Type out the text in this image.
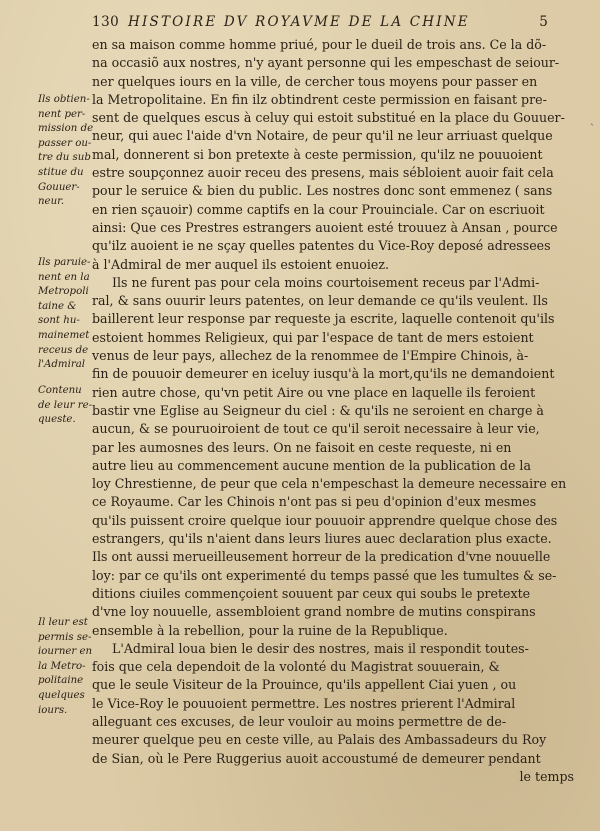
130 HISTOIRE DV ROYAVME DE LA CHINE	5
ˎ
Ils obtien-
nent per-
mission de
passer ou-
tre du sub
stitue du
Gouuer-
neur.
Ils paruie-
nent en la
Metropoli
taine &
sont hu-
mainemet
receus de
l'Admiral
Contenu
de leur re-
queste.
Il leur est
permis se-
iourner en
la Metro-
politaine
quelques
iours.

en sa maison comme homme priué, pour le dueil de trois ans. Ce la dõ-
na occasiõ aux nostres, n'y ayant personne qui les empeschast de seiour-
ner quelques iours en la ville, de cercher tous moyens pour passer en
la Metropolitaine. En fin ilz obtindrent ceste permission en faisant pre-
sent de quelques escus à celuy qui estoit substitué en la place du Gouuer-
neur, qui auec l'aide d'vn Notaire, de peur qu'il ne leur arriuast quelque
mal, donnerent si bon pretexte à ceste permission, qu'ilz ne pouuoient
estre soupçonnez auoir receu des presens, mais sébloient auoir fait cela
pour le seruice & bien du public. Les nostres donc sont emmenez ( sans
en rien sçauoir) comme captifs en la cour Prouinciale. Car on escriuoit
ainsi: Que ces Prestres estrangers auoient esté trouuez à Ansan , pource
qu'ilz auoient ie ne sçay quelles patentes du Vice-Roy deposé adressees
à l'Admiral de mer auquel ils estoient enuoiez.

Ils ne furent pas pour cela moins courtoisement receus par l'Admi-
ral, & sans ouurir leurs patentes, on leur demande ce qu'ils veulent. Ils
baillerent leur response par requeste ja escrite, laquelle contenoit qu'ils
estoient hommes Religieux, qui par l'espace de tant de mers estoient
venus de leur pays, allechez de la renommee de l'Empire Chinois, à-
fin de pouuoir demeurer en iceluy iusqu'à la mort,qu'ils ne demandoient
rien autre chose, qu'vn petit Aire ou vne place en laquelle ils feroient
bastir vne Eglise au Seigneur du ciel : & qu'ils ne seroient en charge à
aucun, & se pouruoiroient de tout ce qu'il seroit necessaire à leur vie,
par les aumosnes des leurs. On ne faisoit en ceste requeste, ni en
autre lieu au commencement aucune mention de la publication de la
loy Chrestienne, de peur que cela n'empeschast la demeure necessaire en
ce Royaume. Car les Chinois n'ont pas si peu d'opinion d'eux mesmes
qu'ils puissent croire quelque iour pouuoir apprendre quelque chose des
estrangers, qu'ils n'aient dans leurs liures auec declaration plus exacte.
Ils ont aussi merueilleusement horreur de la predication d'vne nouuelle
loy: par ce qu'ils ont experimenté du temps passé que les tumultes & se-
ditions ciuiles commençoient souuent par ceux qui soubs le pretexte
d'vne loy nouuelle, assembloient grand nombre de mutins conspirans
ensemble à la rebellion, pour la ruine de la Republique.

L'Admiral loua bien le desir des nostres, mais il respondit toutes-
fois que cela dependoit de la volonté du Magistrat souuerain, &
que le seule Visiteur de la Prouince, qu'ils appellent Ciai yuen , ou
le Vice-Roy le pouuoient permettre. Les nostres prierent l'Admiral
alleguant ces excuses, de leur vouloir au moins permettre de de-
meurer quelque peu en ceste ville, au Palais des Ambassadeurs du Roy
de Sian, où le Pere Ruggerius auoit accoustumé de demeurer pendant
le temps
